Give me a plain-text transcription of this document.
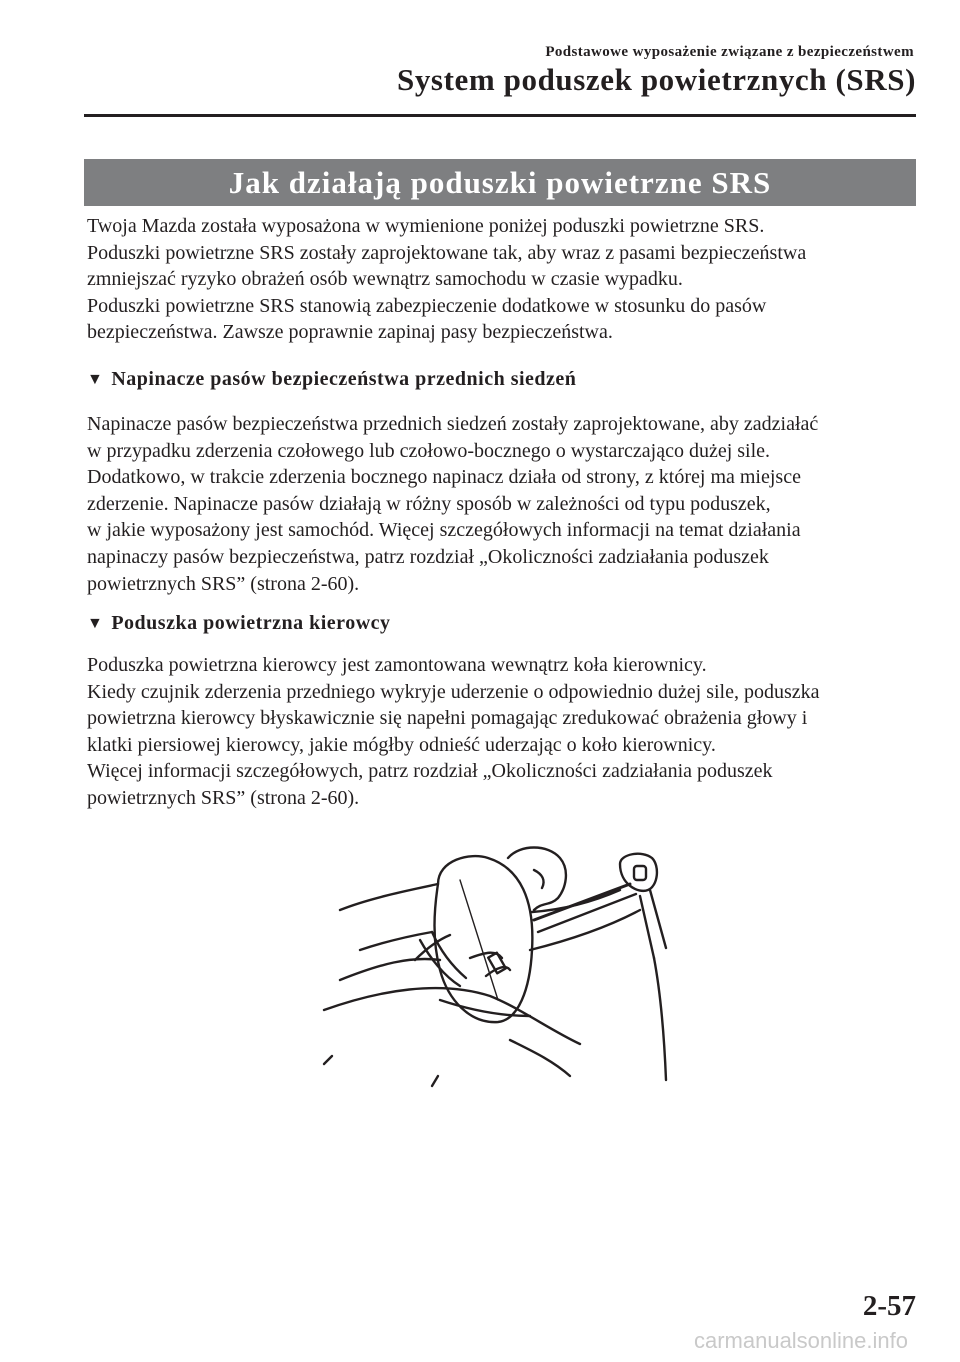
Podstawowe wyposażenie związane z bezpieczeństwem
System poduszek powietrznych (SRS)
Jak działają poduszki powietrzne SRS
Twoja Mazda została wyposażona w wymienione poniżej poduszki powietrzne SRS.
Poduszki powietrzne SRS zostały zaprojektowane tak, aby wraz z pasami bezpieczeństwa
zmniejszać ryzyko obrażeń osób wewnątrz samochodu w czasie wypadku.
Poduszki powietrzne SRS stanowią zabezpieczenie dodatkowe w stosunku do pasów
bezpieczeństwa. Zawsze poprawnie zapinaj pasy bezpieczeństwa.
▼ Napinacze pasów bezpieczeństwa przednich siedzeń
Napinacze pasów bezpieczeństwa przednich siedzeń zostały zaprojektowane, aby zadziałać
w przypadku zderzenia czołowego lub czołowo-bocznego o wystarczająco dużej sile.
Dodatkowo, w trakcie zderzenia bocznego napinacz działa od strony, z której ma miejsce
zderzenie. Napinacze pasów działają w różny sposób w zależności od typu poduszek,
w jakie wyposażony jest samochód. Więcej szczegółowych informacji na temat działania
napinaczy pasów bezpieczeństwa, patrz rozdział „Okoliczności zadziałania poduszek
powietrznych SRS” (strona 2-60).
▼ Poduszka powietrzna kierowcy
Poduszka powietrzna kierowcy jest zamontowana wewnątrz koła kierownicy.
Kiedy czujnik zderzenia przedniego wykryje uderzenie o odpowiednio dużej sile, poduszka
powietrzna kierowcy błyskawicznie się napełni pomagając zredukować obrażenia głowy i
klatki piersiowej kierowcy, jakie mógłby odnieść uderzając o koło kierownicy.
Więcej informacji szczegółowych, patrz rozdział „Okoliczności zadziałania poduszek
powietrznych SRS” (strona 2-60).
2-57
carmanualsonline.info
